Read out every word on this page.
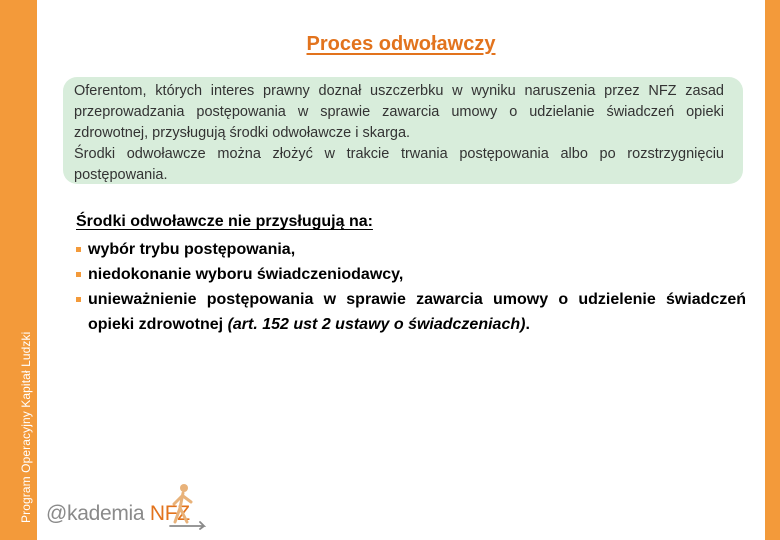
Program Operacyjny Kapitał Ludzki
Proces odwoławczy

Oferentom, których interes prawny doznał uszczerbku w wyniku naruszenia przez NFZ zasad przeprowadzania postępowania w sprawie zawarcia umowy o udzielanie świadczeń opieki zdrowotnej, przysługują środki odwoławcze i skarga.

Środki odwoławcze można złożyć w trakcie trwania postępowania albo po rozstrzygnięciu postępowania.

Środki odwoławcze nie przysługują na:
wybór trybu postępowania,
niedokonanie wyboru świadczeniodawcy,
unieważnienie postępowania w sprawie zawarcia umowy o udzielenie świadczeń opieki zdrowotnej (art. 152 ust 2 ustawy o świadczeniach).
@kademia NFZ
